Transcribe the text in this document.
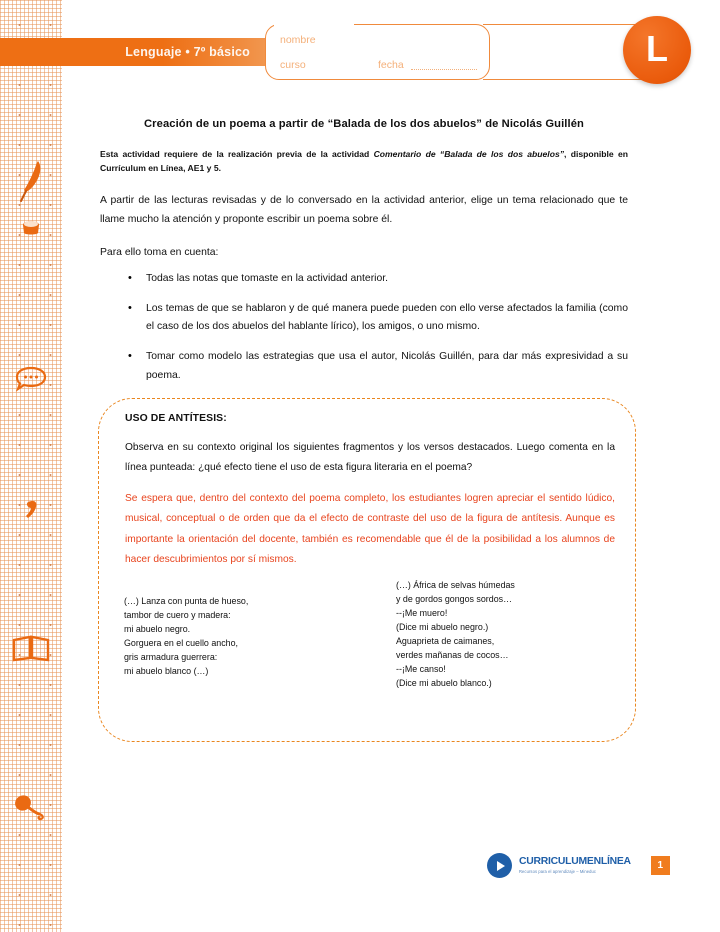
Lenguaje • 7º básico
nombre
curso	fecha	L
Creación de un poema a partir de “Balada de los dos abuelos” de Nicolás Guillén

Esta actividad requiere de la realización previa de la actividad Comentario de “Balada de los dos abuelos”, disponible en Currículum en Línea, AE1 y 5.

A partir de las lecturas revisadas y de lo conversado en la actividad anterior, elige un tema relacionado que te llame mucho la atención y proponte escribir un poema sobre él.

Para ello toma en cuenta:

• Todas las notas que tomaste en la actividad anterior.
• Los temas de que se hablaron y de qué manera puede pueden con ello verse afectados la familia (como el caso de los dos abuelos del hablante lírico), los amigos, o uno mismo.
• Tomar como modelo las estrategias que usa el autor, Nicolás Guillén, para dar más expresividad a su poema.

USO DE ANTÍTESIS:

Observa en su contexto original los siguientes fragmentos y los versos destacados. Luego comenta en la línea punteada: ¿qué efecto tiene el uso de esta figura literaria en el poema?

Se espera que, dentro del contexto del poema completo, los estudiantes logren apreciar el sentido lúdico, musical, conceptual o de orden que da el efecto de contraste del uso de la figura de antítesis. Aunque es importante la orientación del docente, también es recomendable que él de la posibilidad a los alumnos de hacer descubrimientos por sí mismos.

(…) Lanza con punta de hueso,
tambor de cuero y madera:
mi abuelo negro.
Gorguera en el cuello ancho,
gris armadura guerrera:
mi abuelo blanco (…)
(…) África de selvas húmedas
y de gordos gongos sordos…
--¡Me muero!
(Dice mi abuelo negro.)
Aguaprieta de caimanes,
verdes mañanas de cocos…
--¡Me canso!
(Dice mi abuelo blanco.)
CURRICULUMENLÍNEA
Recursos para el aprendizaje – Mineduc
1
